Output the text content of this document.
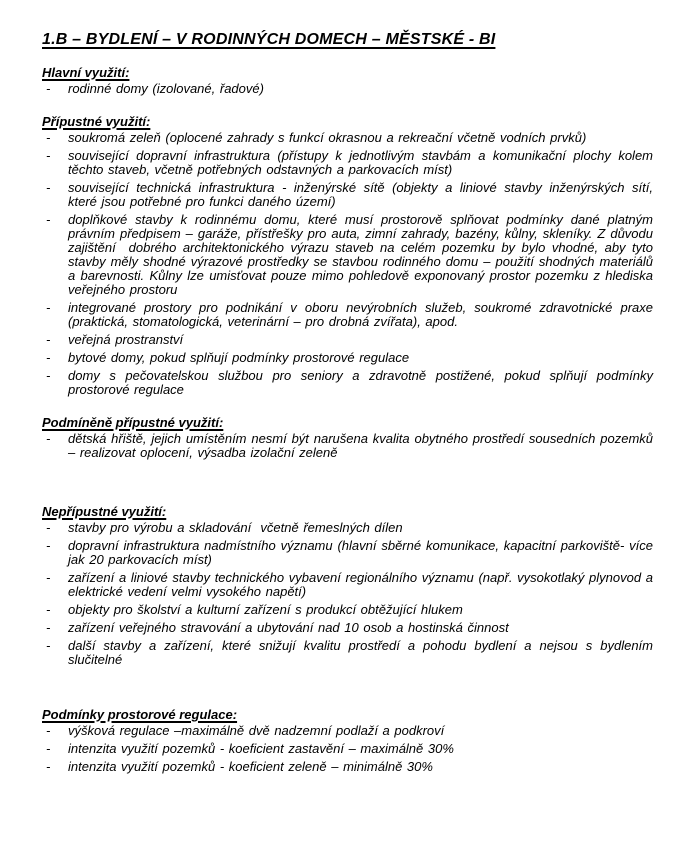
1.B – BYDLENÍ – V RODINNÝCH DOMECH – MĚSTSKÉ - BI
Hlavní využití:
- rodinné domy (izolované, řadové)
Přípustné využití:
- soukromá zeleň (oplocené zahrady s funkcí okrasnou a rekreační včetně vodních prvků)
- související dopravní infrastruktura (přístupy k jednotlivým stavbám a komunikační plochy kolem těchto staveb, včetně potřebných odstavných a parkovacích míst)
- související technická infrastruktura - inženýrské sítě (objekty a liniové stavby inženýrských sítí, které jsou potřebné pro funkci daného území)
- doplňkové stavby k rodinnému domu, které musí prostorově splňovat podmínky dané platným právním předpisem – garáže, přístřešky pro auta, zimní zahrady, bazény, kůlny, skleníky. Z důvodu zajištění  dobrého architektonického výrazu staveb na celém pozemku by bylo vhodné, aby tyto stavby měly shodné výrazové prostředky se stavbou rodinného domu – použití shodných materiálů a barevnosti. Kůlny lze umisťovat pouze mimo pohledově exponovaný prostor pozemku z hlediska veřejného prostoru
- integrované prostory pro podnikání v oboru nevýrobních služeb, soukromé zdravotnické praxe (praktická, stomatologická, veterinární – pro drobná zvířata), apod.
- veřejná prostranství
- bytové domy, pokud splňují podmínky prostorové regulace
- domy s pečovatelskou službou pro seniory a zdravotně postižené, pokud splňují podmínky prostorové regulace
Podmíněně přípustné využití:
- dětská hřiště, jejich umístěním nesmí být narušena kvalita obytného prostředí sousedních pozemků – realizovat oplocení, výsadba izolační zeleně
Nepřípustné využití:
- stavby pro výrobu a skladování  včetně řemeslných dílen
- dopravní infrastruktura nadmístního významu (hlavní sběrné komunikace, kapacitní parkoviště- více jak 20 parkovacích míst)
- zařízení a liniové stavby technického vybavení regionálního významu (např. vysokotlaký plynovod a elektrické vedení velmi vysokého napětí)
- objekty pro školství a kulturní zařízení s produkcí obtěžující hlukem
- zařízení veřejného stravování a ubytování nad 10 osob a hostinská činnost
- další stavby a zařízení, které snižují kvalitu prostředí a pohodu bydlení a nejsou s bydlením slučitelné
Podmínky prostorové regulace:
- výšková regulace –maximálně dvě nadzemní podlaží a podkroví
- intenzita využití pozemků - koeficient zastavění – maximálně 30%
- intenzita využití pozemků - koeficient zeleně – minimálně 30%
